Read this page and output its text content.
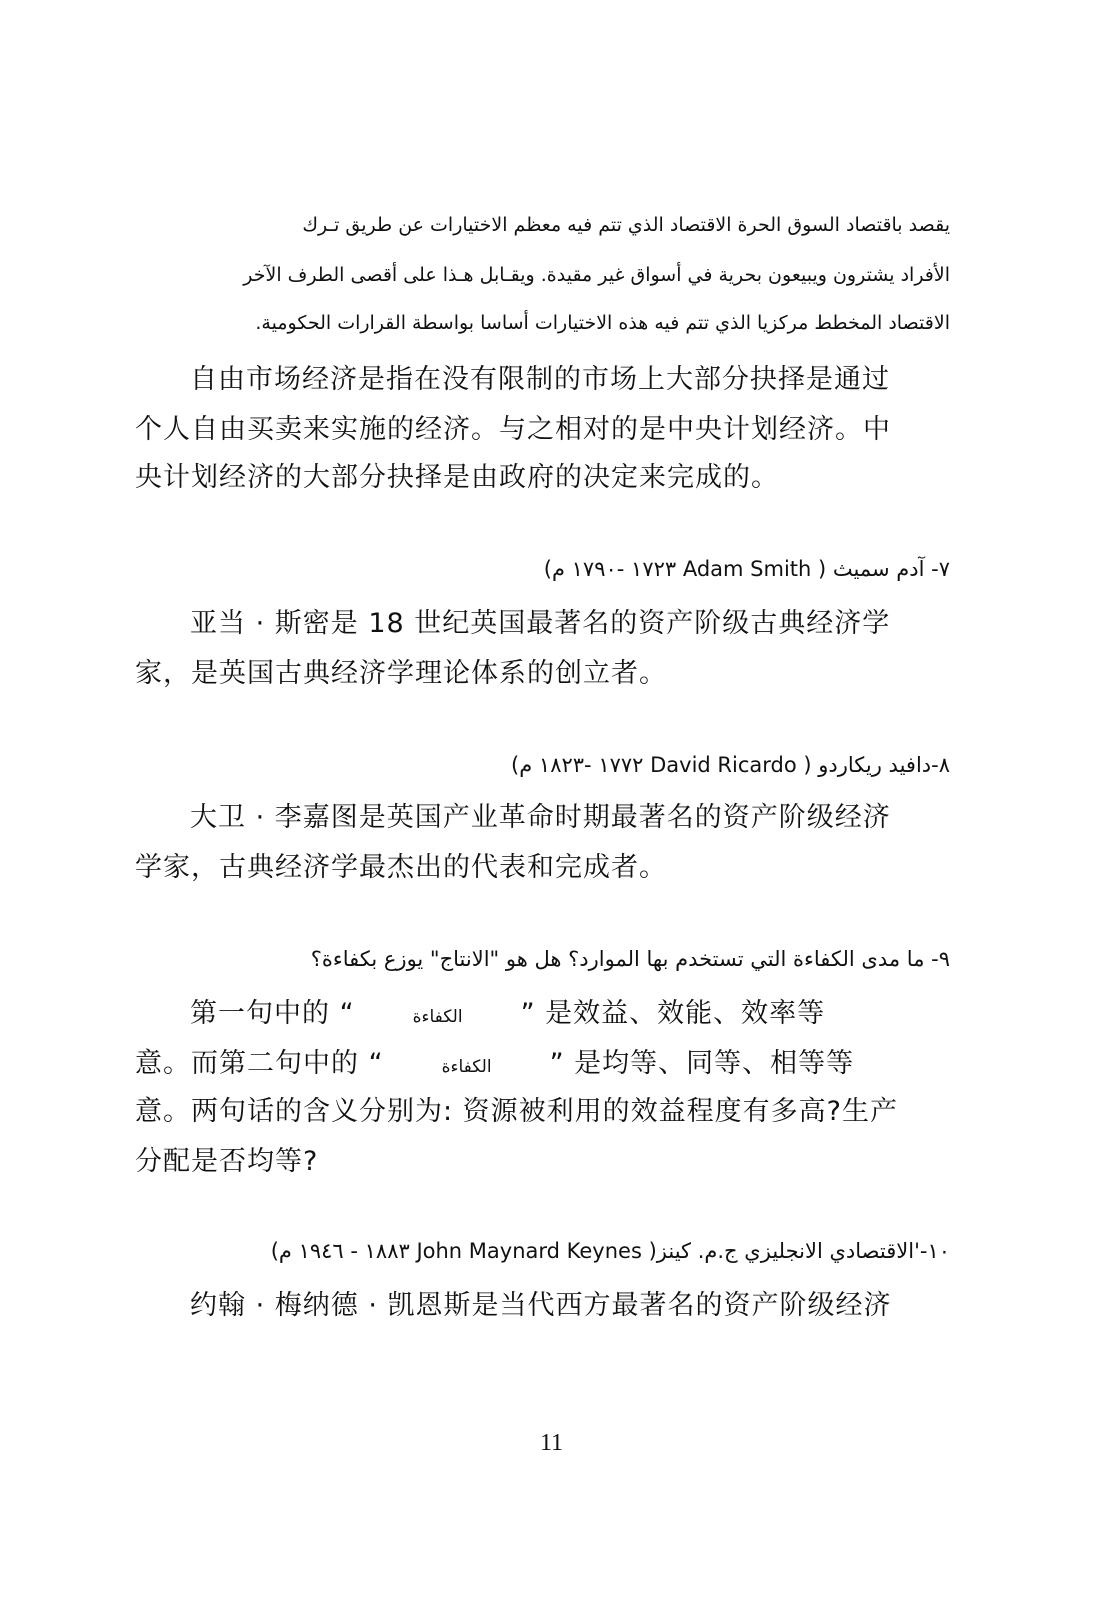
يقصد باقتصاد السوق الحرة الاقتصاد الذي تتم فيه معظم الاختيارات عن طريق تـرك
الأفراد يشترون ويبيعون بحرية في أسواق غير مقيدة. ويقـابل هـذا على أقصى الطرف الآخر
الاقتصاد المخطط مركزيا الذي تتم فيه هذه الاختيارات أساسا بواسطة القرارات الحكومية.
自由市场经济是指在没有限制的市场上大部分抉择是通过
个人自由买卖来实施的经济。与之相对的是中央计划经济。中
央计划经济的大部分抉择是由政府的决定来完成的。
٧- آدم سميث ( Adam Smith ١٧٢٣ -١٧٩٠ م)
亚当 · 斯密是 18 世纪英国最著名的资产阶级古典经济学
家，是英国古典经济学理论体系的创立者。
٨-دافيد ريكاردو ( David Ricardo ١٧٧٢ -١٨٢٣ م)
大卫 · 李嘉图是英国产业革命时期最著名的资产阶级经济
学家，古典经济学最杰出的代表和完成者。
٩- ما مدى الكفاءة التي تستخدم بها الموارد؟ هل هو "الانتاج" يوزع بكفاءة؟
第一句中的 “	الكفاءة ” 是效益、效能、效率等
意。而第二句中的 “	الكفاءة ” 是均等、同等、相等等
意。两句话的含义分别为: 资源被利用的效益程度有多高?生产
分配是否均等?
١٠-'الاقتصادي الانجليزي ج.م. كينز( John Maynard Keynes ١٨٨٣ - ١٩٤٦ م)
约翰 · 梅纳德 · 凯恩斯是当代西方最著名的资产阶级经济
11
